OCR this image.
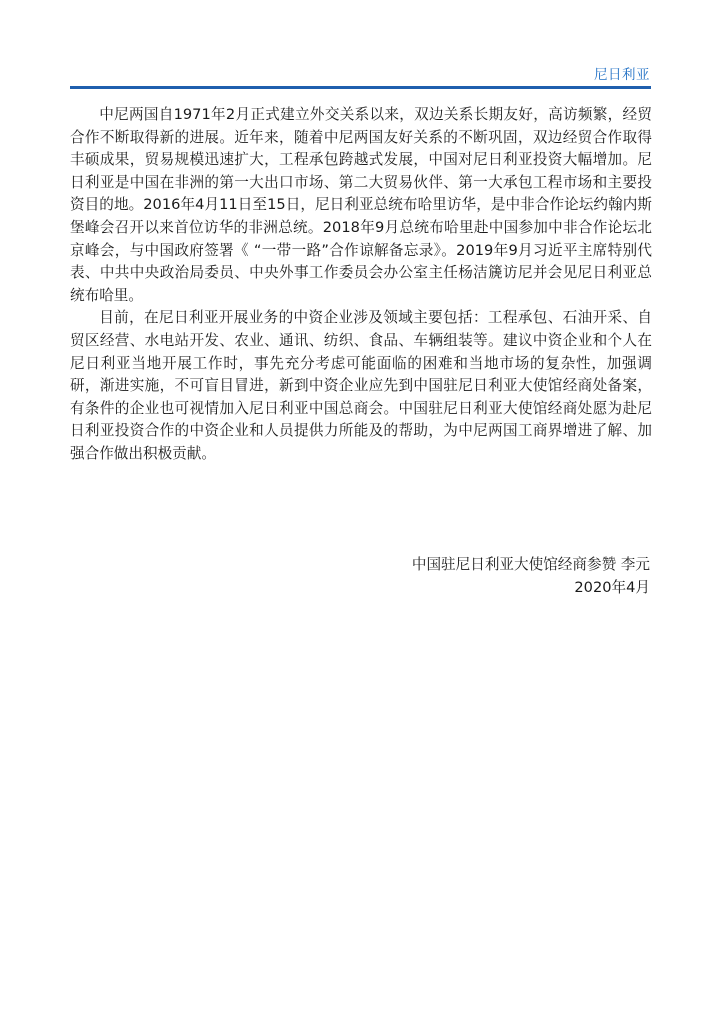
尼日利亚

中尼两国自1971年2月正式建立外交关系以来，双边关系长期友好，高访频繁，经贸合作不断取得新的进展。近年来，随着中尼两国友好关系的不断巩固，双边经贸合作取得丰硕成果，贸易规模迅速扩大，工程承包跨越式发展，中国对尼日利亚投资大幅增加。尼日利亚是中国在非洲的第一大出口市场、第二大贸易伙伴、第一大承包工程市场和主要投资目的地。2016年4月11日至15日，尼日利亚总统布哈里访华，是中非合作论坛约翰内斯堡峰会召开以来首位访华的非洲总统。2018年9月总统布哈里赴中国参加中非合作论坛北京峰会，与中国政府签署《 “一带一路”合作谅解备忘录》。2019年9月习近平主席特别代表、中共中央政治局委员、中央外事工作委员会办公室主任杨洁篪访尼并会见尼日利亚总统布哈里。

目前，在尼日利亚开展业务的中资企业涉及领域主要包括：工程承包、石油开采、自贸区经营、水电站开发、农业、通讯、纺织、食品、车辆组装等。建议中资企业和个人在尼日利亚当地开展工作时，事先充分考虑可能面临的困难和当地市场的复杂性，加强调研，渐进实施，不可盲目冒进，新到中资企业应先到中国驻尼日利亚大使馆经商处备案，有条件的企业也可视情加入尼日利亚中国总商会。中国驻尼日利亚大使馆经商处愿为赴尼日利亚投资合作的中资企业和人员提供力所能及的帮助，为中尼两国工商界增进了解、加强合作做出积极贡献。

中国驻尼日利亚大使馆经商参赞 李元
2020年4月
